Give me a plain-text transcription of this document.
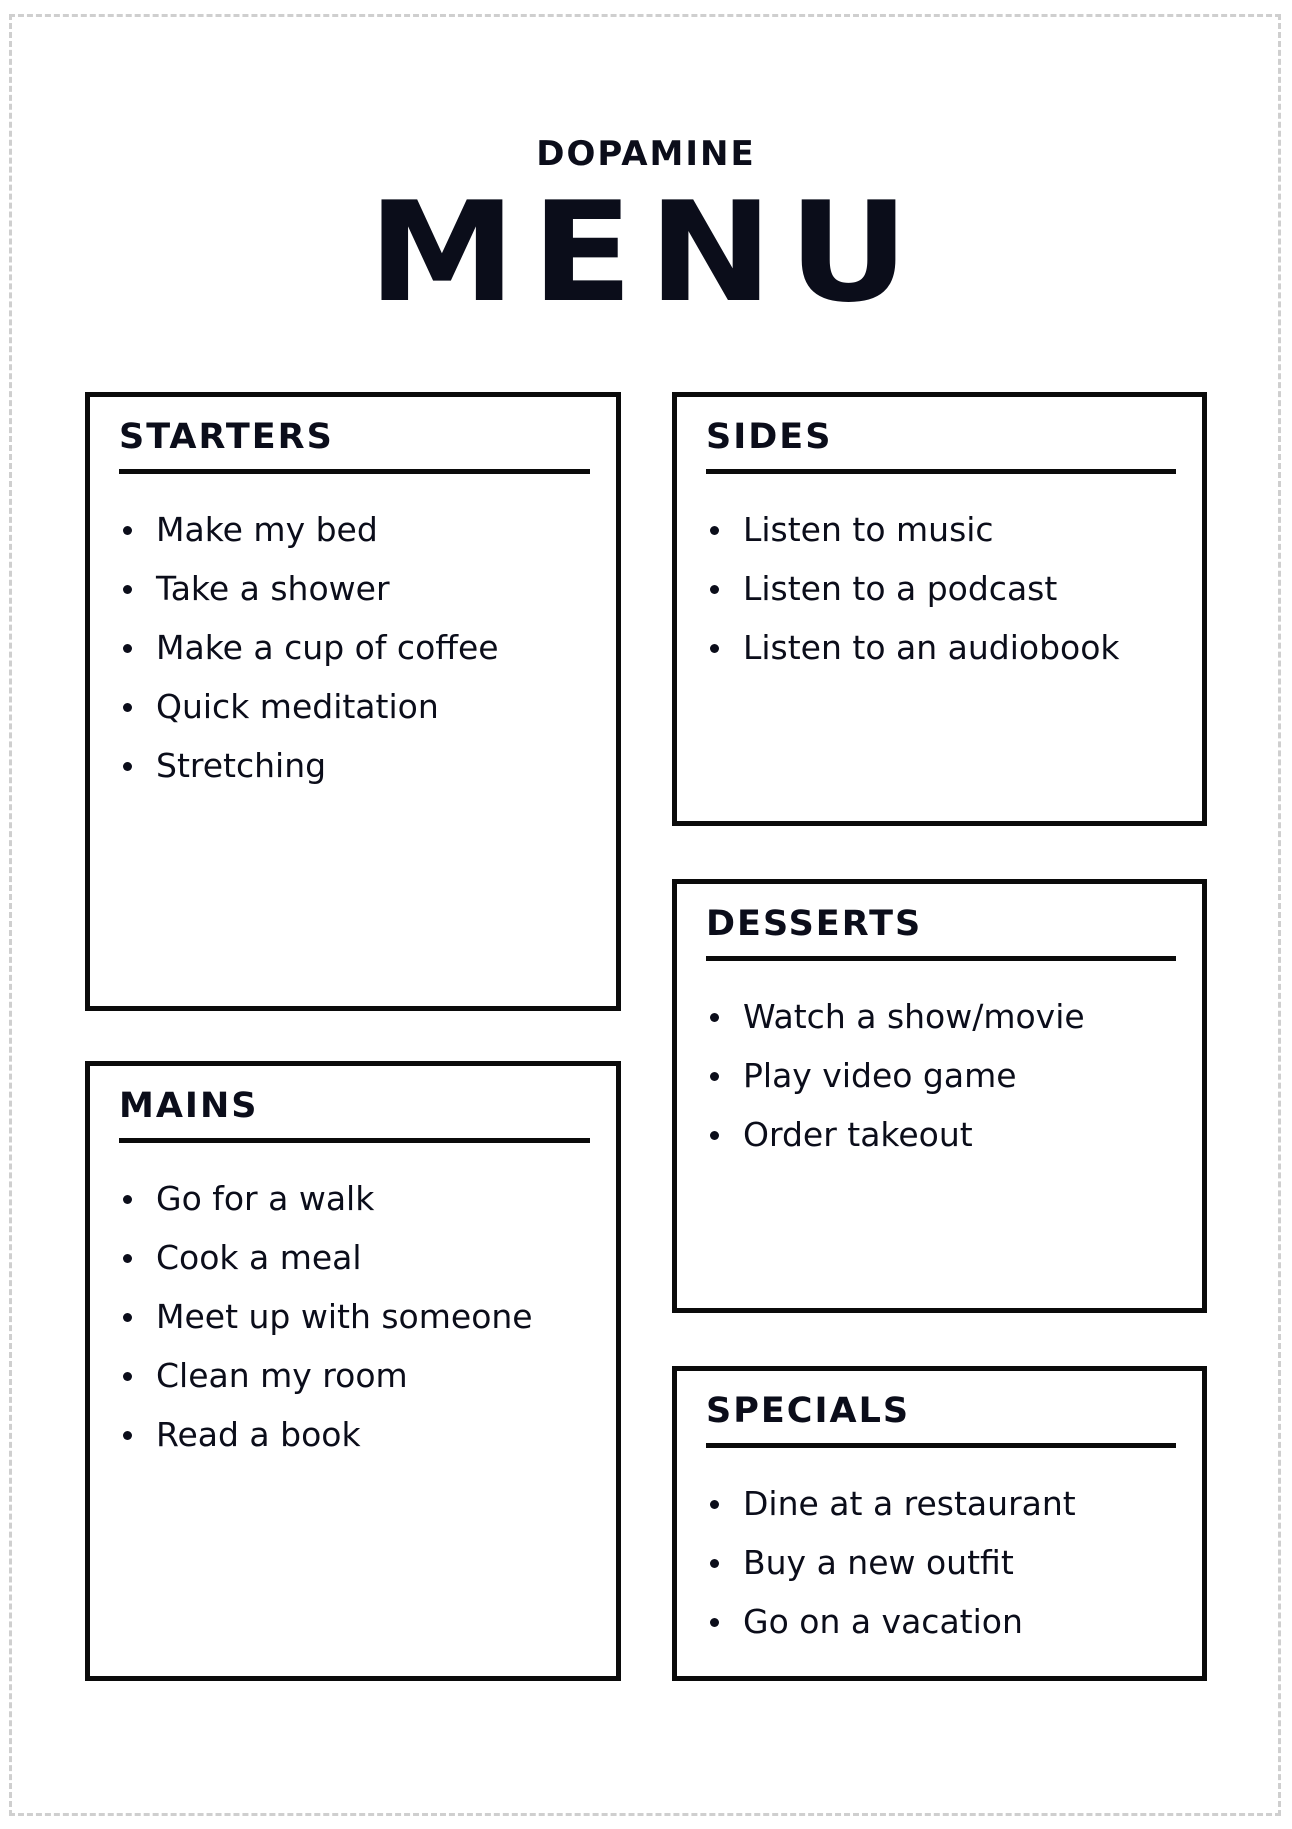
DOPAMINE
MENU
STARTERS
Make my bed
Take a shower
Make a cup of coffee
Quick meditation
Stretching
SIDES
Listen to music
Listen to a podcast
Listen to an audiobook
DESSERTS
Watch a show/movie
Play video game
Order takeout
MAINS
Go for a walk
Cook a meal
Meet up with someone
Clean my room
Read a book
SPECIALS
Dine at a restaurant
Buy a new outfit
Go on a vacation
